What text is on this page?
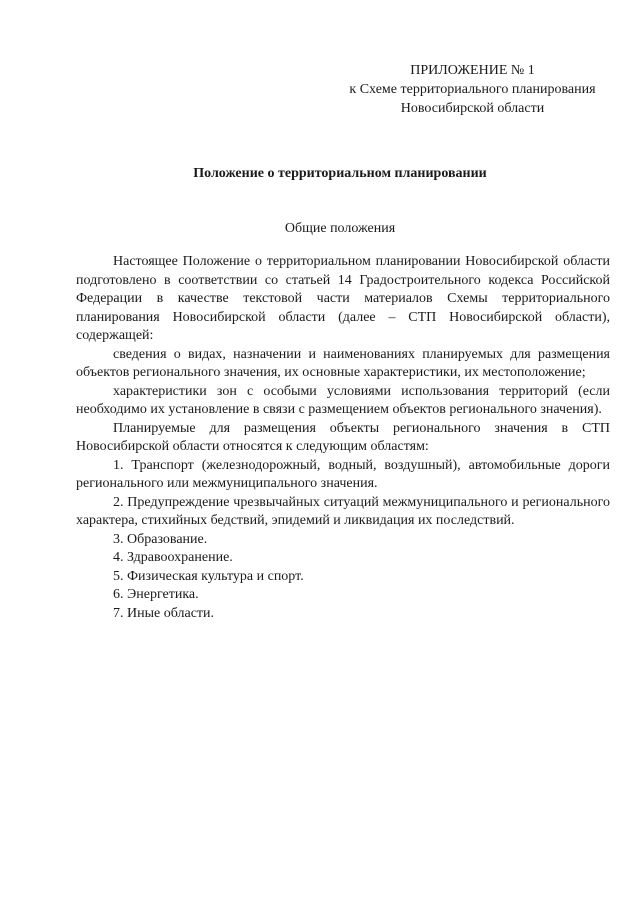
ПРИЛОЖЕНИЕ № 1
к Схеме территориального планирования
Новосибирской области
Положение о территориальном планировании
Общие положения

Настоящее Положение о территориальном планировании Новосибирской области подготовлено в соответствии со статьей 14 Градостроительного кодекса Российской Федерации в качестве текстовой части материалов Схемы территориального планирования Новосибирской области (далее – СТП Новосибирской области), содержащей:

сведения о видах, назначении и наименованиях планируемых для размещения объектов регионального значения, их основные характеристики, их местоположение;

характеристики зон с особыми условиями использования территорий (если необходимо их установление в связи с размещением объектов регионального значения).

Планируемые для размещения объекты регионального значения в СТП Новосибирской области относятся к следующим областям:

1. Транспорт (железнодорожный, водный, воздушный), автомобильные дороги регионального или межмуниципального значения.

2. Предупреждение чрезвычайных ситуаций межмуниципального и регионального характера, стихийных бедствий, эпидемий и ликвидация их последствий.

3. Образование.

4. Здравоохранение.

5. Физическая культура и спорт.

6. Энергетика.

7. Иные области.
